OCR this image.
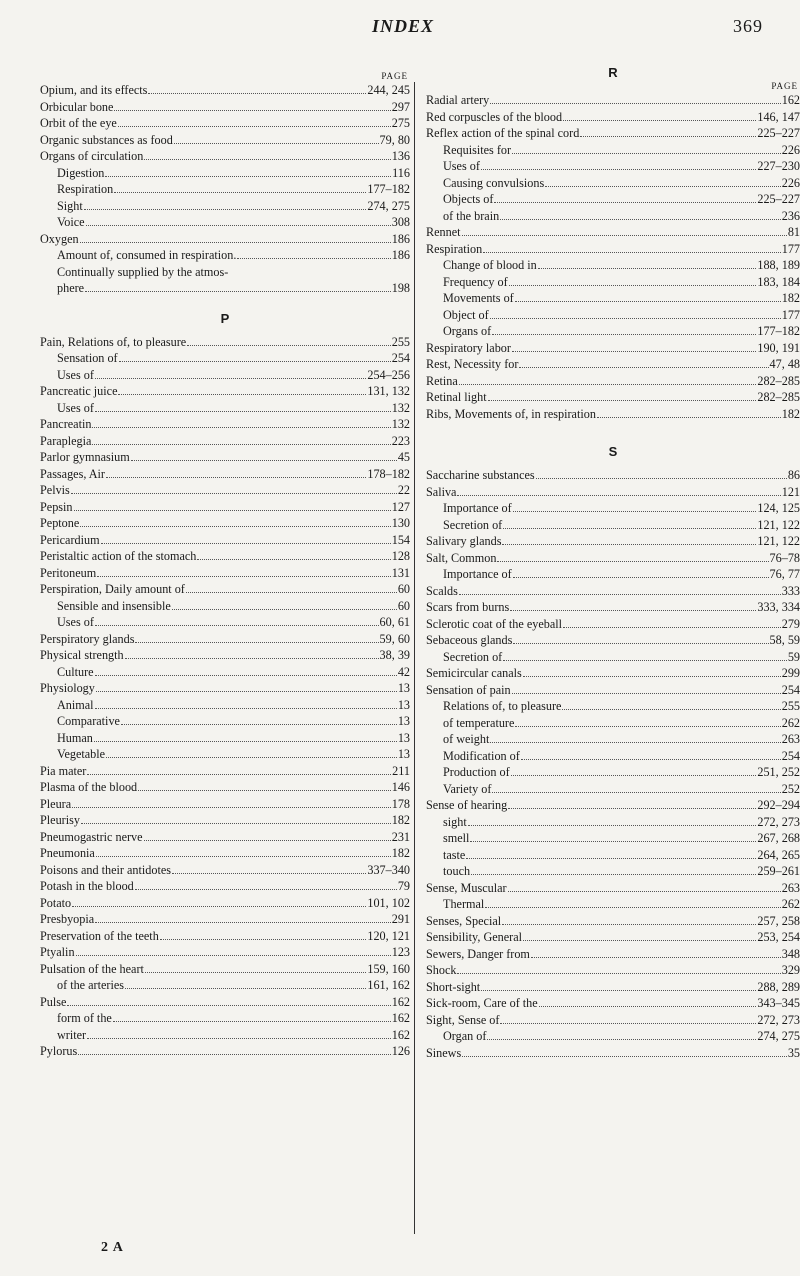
INDEX	369
PAGE
Opium, and its effects	244, 245
Orbicular bone	297
Orbit of the eye	275
Organic substances as food	79, 80
Organs of circulation	136
Digestion	116
Respiration	177–182
Sight	274, 275
Voice	308
Oxygen	186
Amount of, consumed in respiration.	186
Continually supplied by the atmos-
phere	198
P
Pain, Relations of, to pleasure	255
Sensation of	254
Uses of	254–256
Pancreatic juice	131, 132
Uses of	132
Pancreatin	132
Paraplegia	223
Parlor gymnasium	45
Passages, Air	178–182
Pelvis	22
Pepsin	127
Peptone	130
Pericardium	154
Peristaltic action of the stomach	128
Peritoneum	131
Perspiration, Daily amount of	60
Sensible and insensible	60
Uses of	60, 61
Perspiratory glands	59, 60
Physical strength	38, 39
Culture	42
Physiology	13
Animal	13
Comparative	13
Human	13
Vegetable	13
Pia mater	211
Plasma of the blood	146
Pleura	178
Pleurisy	182
Pneumogastric nerve	231
Pneumonia	182
Poisons and their antidotes	337–340
Potash in the blood	79
Potato	101, 102
Presbyopia	291
Preservation of the teeth	120, 121
Ptyalin	123
Pulsation of the heart	159, 160
of the arteries	161, 162
Pulse	162
form of the	162
writer	162
Pylorus	126
R
PAGE
Radial artery	162
Red corpuscles of the blood	146, 147
Reflex action of the spinal cord	225–227
Requisites for	226
Uses of	227–230
Causing convulsions	226
Objects of	225–227
of the brain	236
Rennet	81
Respiration	177
Change of blood in	188, 189
Frequency of	183, 184
Movements of	182
Object of	177
Organs of	177–182
Respiratory labor	190, 191
Rest, Necessity for	47, 48
Retina	282–285
Retinal light	282–285
Ribs, Movements of, in respiration	182
S
Saccharine substances	86
Saliva	121
Importance of	124, 125
Secretion of	121, 122
Salivary glands	121, 122
Salt, Common	76–78
Importance of	76, 77
Scalds	333
Scars from burns	333, 334
Sclerotic coat of the eyeball	279
Sebaceous glands	58, 59
Secretion of	59
Semicircular canals	299
Sensation of pain	254
Relations of, to pleasure	255
of temperature	262
of weight	263
Modification of	254
Production of	251, 252
Variety of	252
Sense of hearing	292–294
sight	272, 273
smell	267, 268
taste	264, 265
touch	259–261
Sense, Muscular	263
Thermal	262
Senses, Special	257, 258
Sensibility, General	253, 254
Sewers, Danger from	348
Shock	329
Short-sight	288, 289
Sick-room, Care of the	343–345
Sight, Sense of	272, 273
Organ of	274, 275
Sinews	35
2 A
